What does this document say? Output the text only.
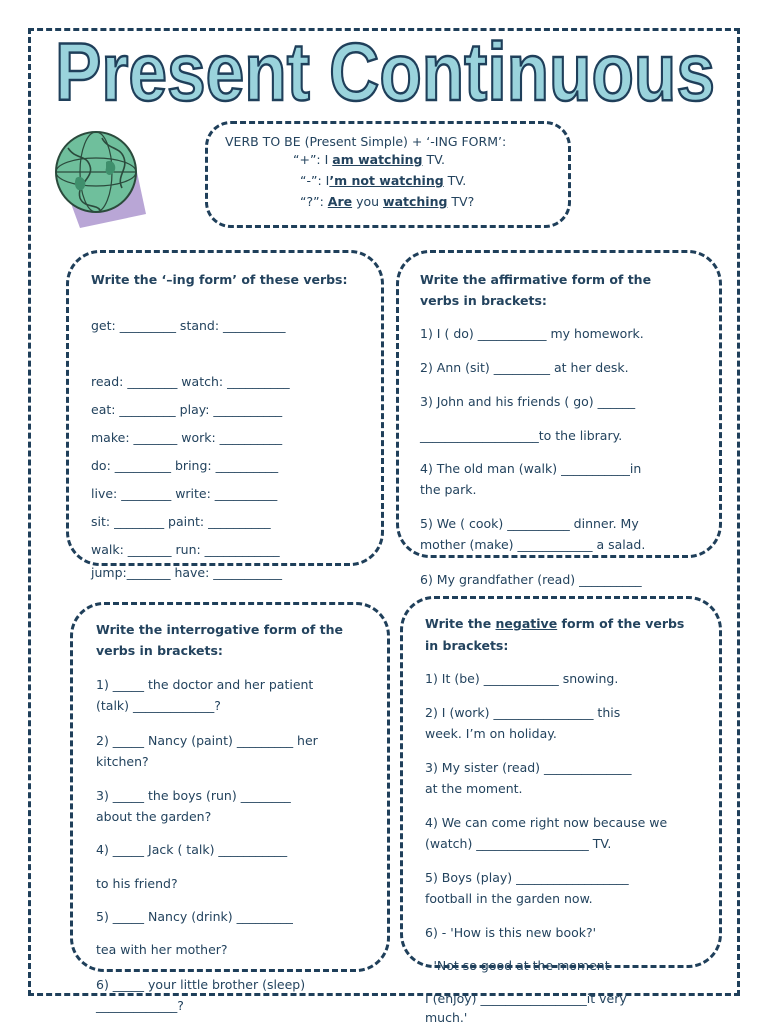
Present Continuous
VERB TO BE (Present Simple) + ‘-ING FORM’:
“+”: I am watching TV.
“-”: I’m not watching TV.
“?”: Are you watching TV?
Write the ‘–ing form’ of these verbs:
get: _________ stand: __________
read: ________ watch: __________
eat: _________ play: ___________
make: _______ work: __________
do: _________ bring: __________
live: ________ write: __________
sit: ________ paint: __________
walk: _______ run: ____________
jump:_______ have: ___________
Write the affirmative form of the
verbs in brackets:
1) I ( do) ___________ my homework.
2) Ann (sit) _________ at her desk.
3) John and his friends ( go) ______
___________________to the library.
4) The old man (walk) ___________in
the park.
5) We ( cook) __________ dinner. My
mother (make) ____________ a salad.
6) My grandfather (read) __________
Write the interrogative form of the
verbs in brackets:
1) _____ the doctor and her patient
(talk) _____________?
2) _____ Nancy (paint) _________ her
kitchen?
3) _____ the boys (run) ________
about the garden?
4) _____ Jack ( talk) ___________
to his friend?
5) _____ Nancy (drink) _________
tea with her mother?
6) _____ your little brother (sleep)
_____________?
Write the negative form of the verbs
in brackets:
1) It (be) ____________ snowing.
2) I (work) ________________ this
week. I’m on holiday.
3) My sister (read) ______________
at the moment.
4) We can come right now because we
(watch) __________________ TV.
5) Boys (play) __________________
football in the garden now.
6) - 'How is this new book?'
- 'Not so good at the moment
I (enjoy) _________________it very
much.'
